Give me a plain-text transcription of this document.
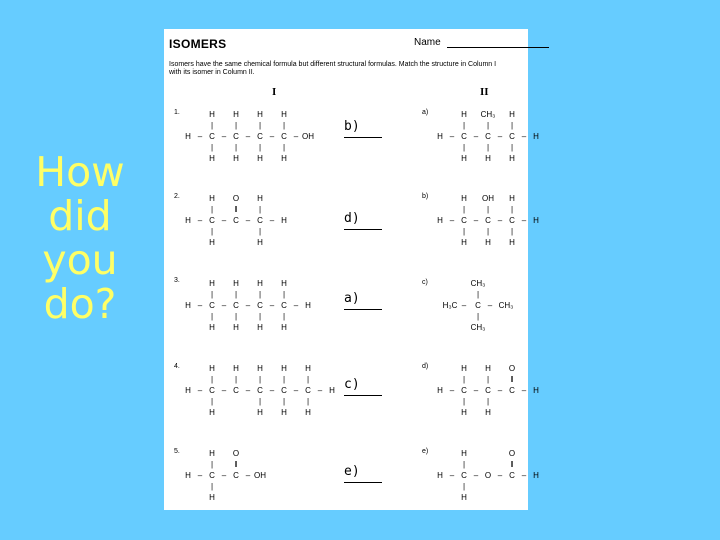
How
did
you
do?
ISOMERS	Name
Isomers have the same chemical formula but different structural formulas. Match the structure in Column I with its isomer in Column II.
I	II
1.
2.
3.
4.
5.
a)
b)
c)
d)
e)
b)
d)
a)
c)
e)
H –
H
|
C
|
H
–
H
|
C
|
H
–
H
|
C
|
H
–
H
|
C
|
H
– OH
H –
H
|
C
|
H
–
O
‖
C –
H
|
C
|
H
– H
H –
H
|
C
|
H
–
H
|
C
|
H
–
H
|
C
|
H
–
H
|
C
|
H
– H
H –
H
|
C
|
H
–
H
|
C –
H
|
C
|
H
–
H
|
C
|
H
–
H
|
C
|
H
– H
H –
H
|
C
|
H
–
O
‖
C – OH
H –
H
|
C
|
H
–
CH₃
|
C
|
H
–
H
|
C
|
H
– H
H –
H
|
C
|
H
–
OH
|
C
|
H
–
H
|
C
|
H
– H
H₃C –
CH₃
|
C
|
CH₃
– CH₃
H –
H
|
C
|
H
–
H
|
C
|
H
–
O
‖
C – H
H –
H
|
C
|
H
– O –
O
‖
C – H
